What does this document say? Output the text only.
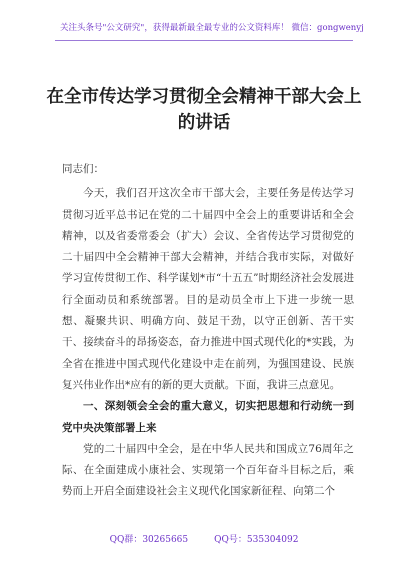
关注头条号"公文研究"，获得最新最全最专业的公文资料库！ 微信：gongwenyj
在全市传达学习贯彻全会精神干部大会上的讲话

同志们：

今天，我们召开这次全市干部大会，主要任务是传达学习贯彻习近平总书记在党的二十届四中全会上的重要讲话和全会精神，以及省委常委会（扩大）会议、全省传达学习贯彻党的二十届四中全会精神干部大会精神，并结合我市实际，对做好学习宣传贯彻工作、科学谋划*市“十五五”时期经济社会发展进行全面动员和系统部署。目的是动员全市上下进一步统一思想、凝聚共识、明确方向、鼓足干劲，以守正创新、苦干实干、接续奋斗的昂扬姿态，奋力推进中国式现代化的*实践，为全省在推进中国式现代化建设中走在前列，为强国建设、民族复兴伟业作出*应有的新的更大贡献。下面，我讲三点意见。

一、深刻领会全会的重大意义，切实把思想和行动统一到党中央决策部署上来

党的二十届四中全会，是在中华人民共和国成立76周年之际、在全面建成小康社会、实现第一个百年奋斗目标之后，乘势而上开启全面建设社会主义现代化国家新征程、向第二个

QQ群：30265665	QQ号：535304092
